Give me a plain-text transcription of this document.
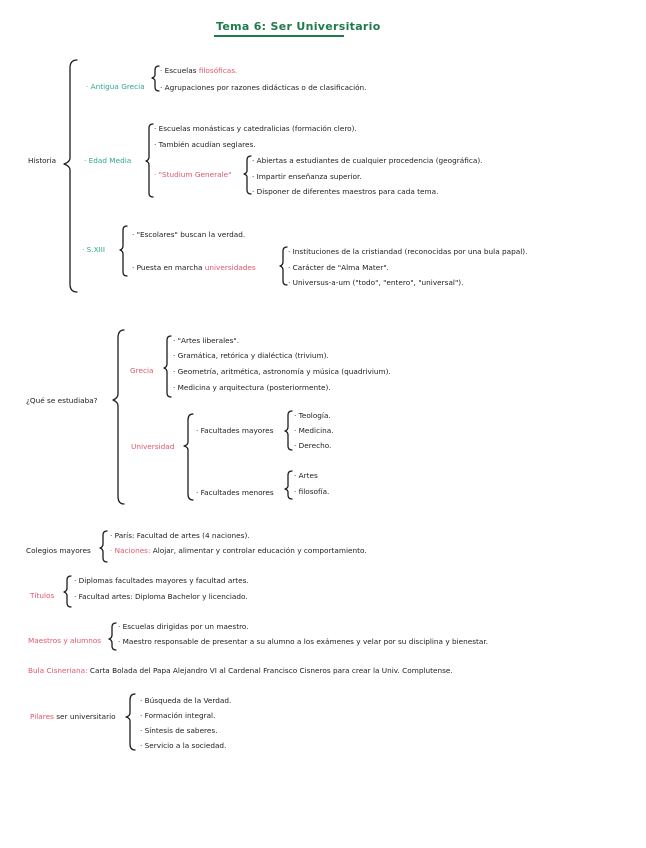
Tema 6: Ser Universitario
Historia
· Antigua Grecia
· Escuelas filosóficas.
· Agrupaciones por razones didácticas o de clasificación.
· Edad Media
· Escuelas monásticas y catedralicias (formación clero).
· También acudían seglares.
· "Studium Generale"
· Abiertas a estudiantes de cualquier procedencia (geográfica).
· Impartir enseñanza superior.
· Disponer de diferentes maestros para cada tema.
· S.XIII
· "Escolares" buscan la verdad.
· Puesta en marcha universidades
· Instituciones de la cristiandad (reconocidas por una bula papal).
· Carácter de "Alma Mater".
· Universus-a-um ("todo", "entero", "universal").
¿Qué se estudiaba?
Grecia
· "Artes liberales".
· Gramática, retórica y dialéctica (trivium).
· Geometría, aritmética, astronomía y música (quadrivium).
· Medicina y arquitectura (posteriormente).
Universidad
· Facultades mayores
· Teología.
· Medicina.
· Derecho.
· Facultades menores
· Artes
· filosofía.
Colegios mayores
· París: Facultad de artes (4 naciones).
· Naciones: Alojar, alimentar y controlar educación y comportamiento.
Títulos
· Diplomas facultades mayores y facultad artes.
· Facultad artes: Diploma Bachelor y licenciado.
Maestros y alumnos
· Escuelas dirigidas por un maestro.
· Maestro responsable de presentar a su alumno a los exámenes y velar por su disciplina y bienestar.
Bula Cisneriana: Carta Bolada del Papa Alejandro VI al Cardenal Francisco Cisneros para crear la Univ. Complutense.
Pilares ser universitario
· Búsqueda de la Verdad.
· Formación integral.
· Síntesis de saberes.
· Servicio a la sociedad.
